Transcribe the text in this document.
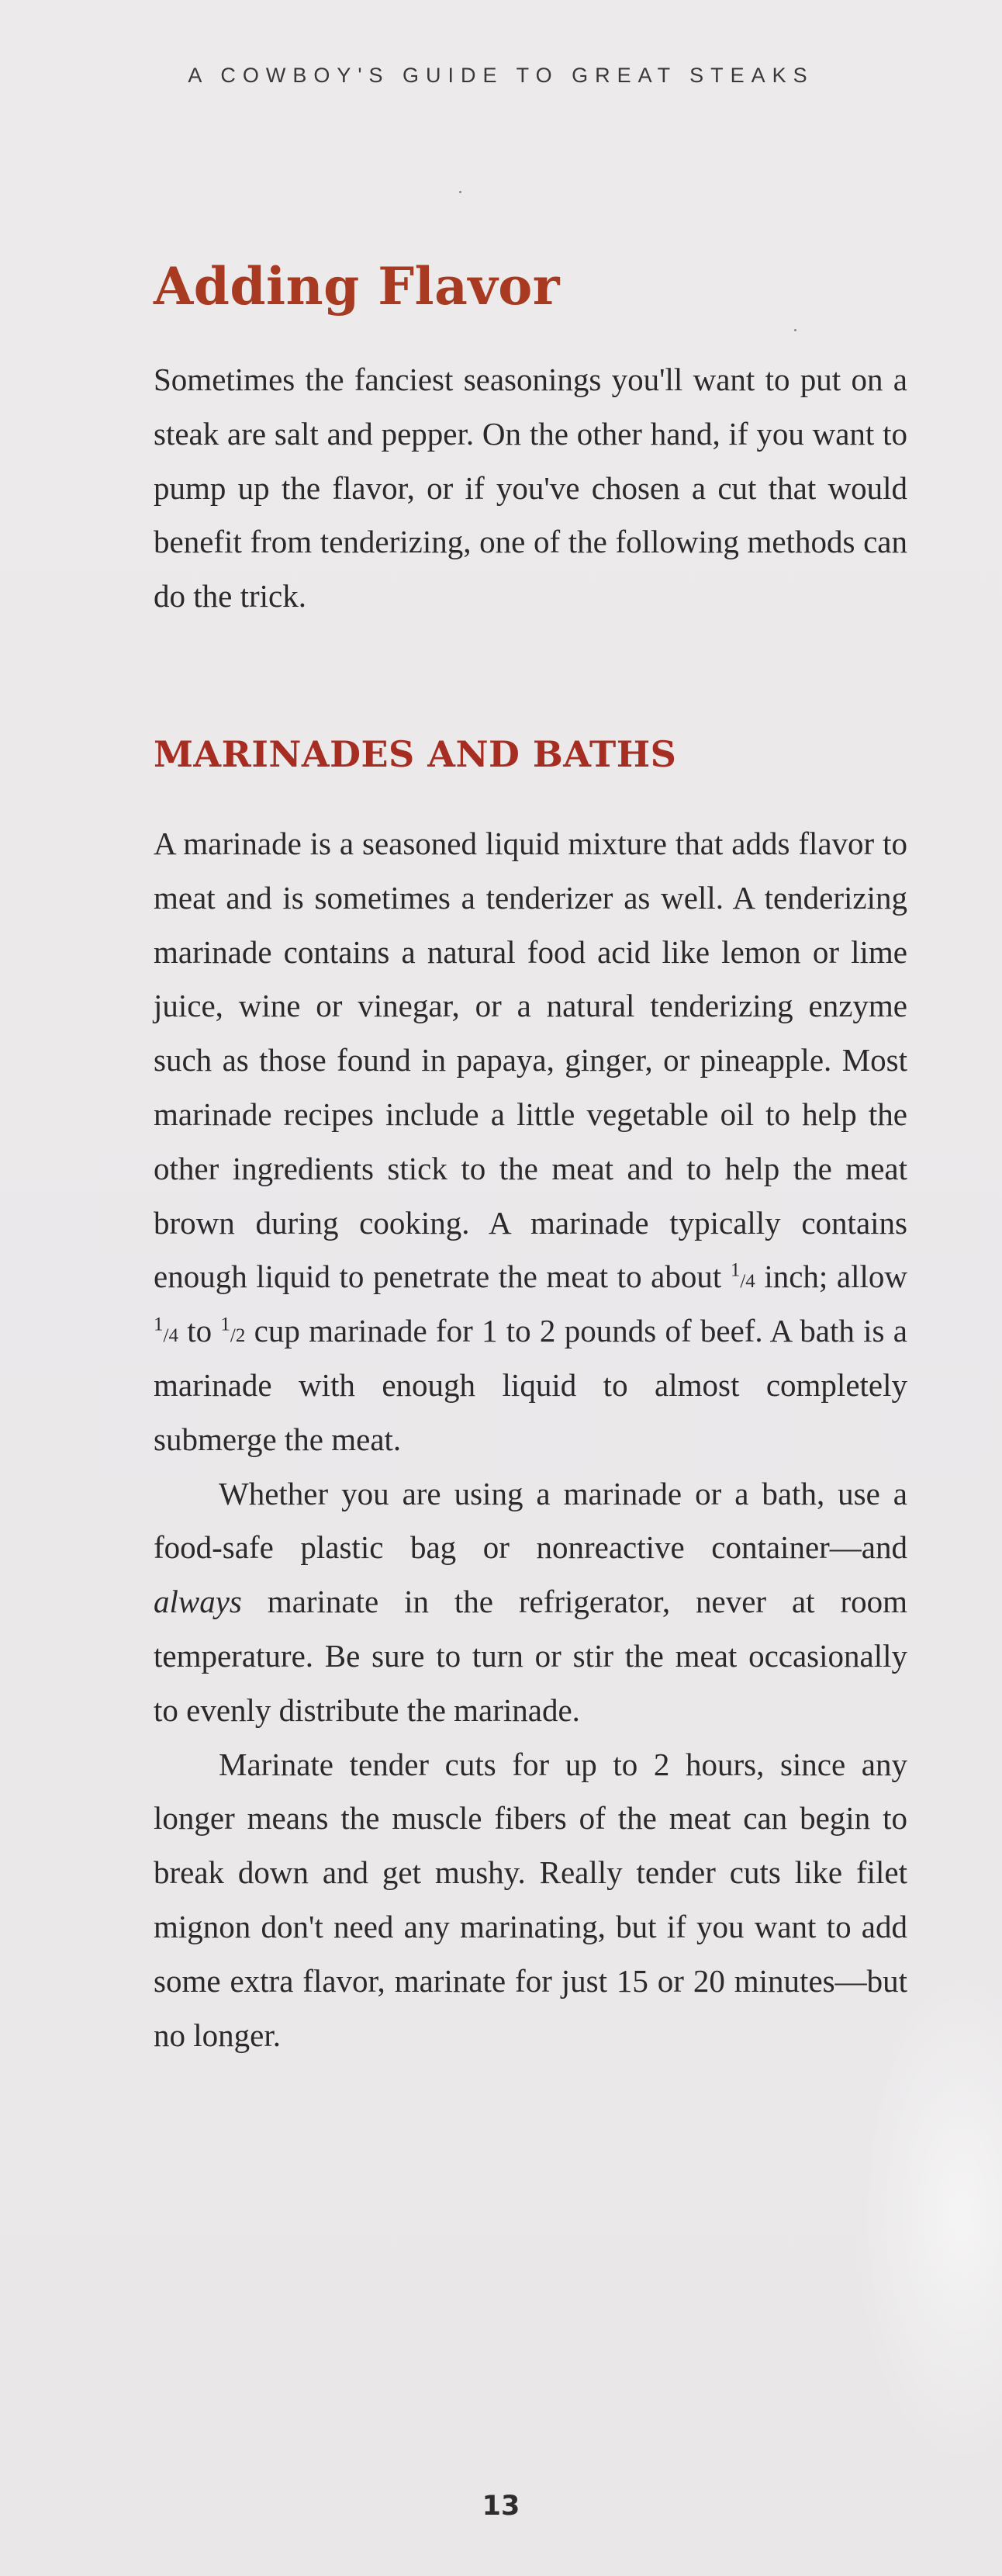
A COWBOY'S GUIDE TO GREAT STEAKS
Adding Flavor

Sometimes the fanciest seasonings you'll want to put on a steak are salt and pepper. On the other hand, if you want to pump up the flavor, or if you've chosen a cut that would benefit from tenderizing, one of the following methods can do the trick.

MARINADES AND BATHS

A marinade is a seasoned liquid mixture that adds flavor to meat and is sometimes a tenderizer as well. A tenderizing marinade contains a natural food acid like lemon or lime juice, wine or vinegar, or a natural tenderizing enzyme such as those found in papaya, ginger, or pineapple. Most marinade recipes include a little vegetable oil to help the other ingredients stick to the meat and to help the meat brown during cooking. A marinade typically contains enough liquid to penetrate the meat to about $^1$/4 inch; allow $^1$/4 to $^1$/2 cup marinade for 1 to 2 pounds of beef. A bath is a marinade with enough liquid to almost completely submerge the meat.

Whether you are using a marinade or a bath, use a food-safe plastic bag or nonreactive container—and always marinate in the refrigerator, never at room temperature. Be sure to turn or stir the meat occasionally to evenly distribute the marinade.

Marinate tender cuts for up to 2 hours, since any longer means the muscle fibers of the meat can begin to break down and get mushy. Really tender cuts like filet mignon don't need any marinating, but if you want to add some extra flavor, marinate for just 15 or 20 minutes—but no longer.

13
